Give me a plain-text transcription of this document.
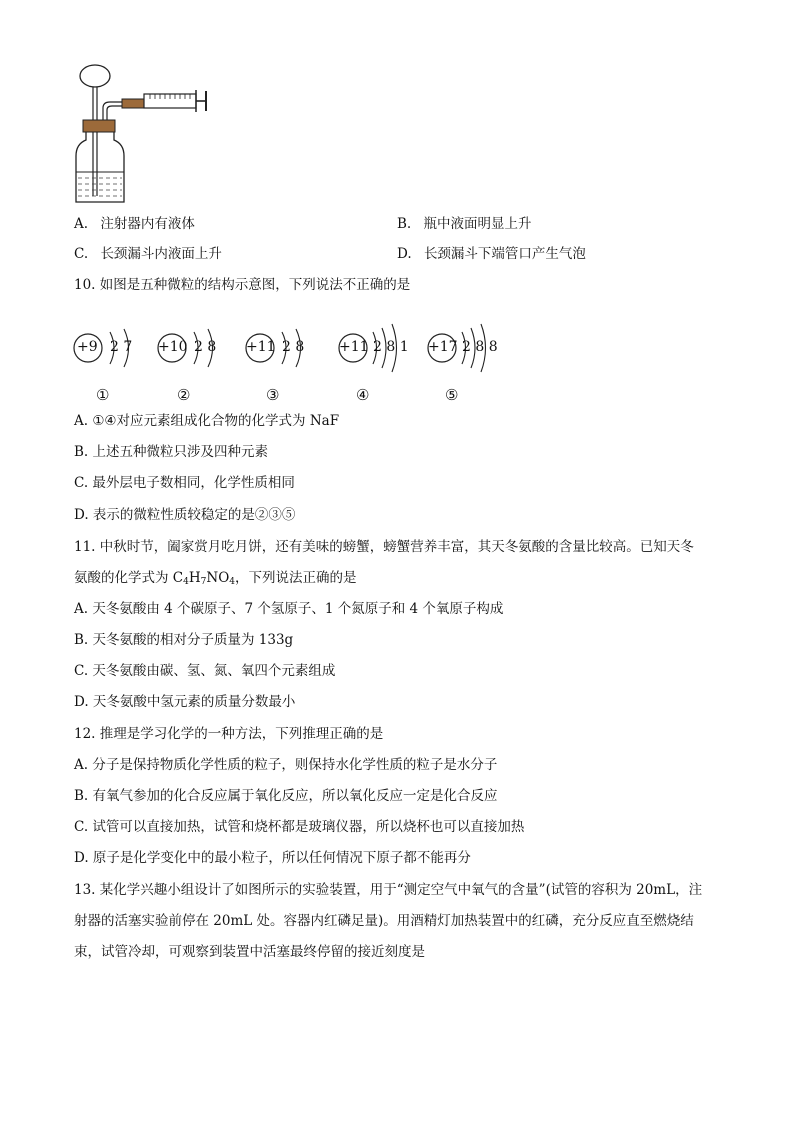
A. 注射器内有液体	B. 瓶中液面明显上升
C. 长颈漏斗内液面上升	D. 长颈漏斗下端管口产生气泡
10. 如图是五种微粒的结构示意图，下列说法不正确的是
+9 2 7 +10 2 8 +11 2 8 +11 2 8 1 +17 2 8 8
①	②	③	④	⑤
A. ①④对应元素组成化合物的化学式为 NaF
B. 上述五种微粒只涉及四种元素
C. 最外层电子数相同，化学性质相同
D. 表示的微粒性质较稳定的是②③⑤
11. 中秋时节，阖家赏月吃月饼，还有美味的螃蟹，螃蟹营养丰富，其天冬氨酸的含量比较高。已知天冬
氨酸的化学式为 $C_4H_7NO_4$，下列说法正确的是
A. 天冬氨酸由 4 个碳原子、7 个氢原子、1 个氮原子和 4 个氧原子构成
B. 天冬氨酸的相对分子质量为 133g
C. 天冬氨酸由碳、氢、氮、氧四个元素组成
D. 天冬氨酸中氢元素的质量分数最小
12. 推理是学习化学的一种方法，下列推理正确的是
A. 分子是保持物质化学性质的粒子，则保持水化学性质的粒子是水分子
B. 有氧气参加的化合反应属于氧化反应，所以氧化反应一定是化合反应
C. 试管可以直接加热，试管和烧杯都是玻璃仪器，所以烧杯也可以直接加热
D. 原子是化学变化中的最小粒子，所以任何情况下原子都不能再分
13. 某化学兴趣小组设计了如图所示的实验装置，用于“测定空气中氧气的含量”(试管的容积为 20mL，注
射器的活塞实验前停在 20mL 处。容器内红磷足量)。用酒精灯加热装置中的红磷，充分反应直至燃烧结
束，试管冷却，可观察到装置中活塞最终停留的接近刻度是
